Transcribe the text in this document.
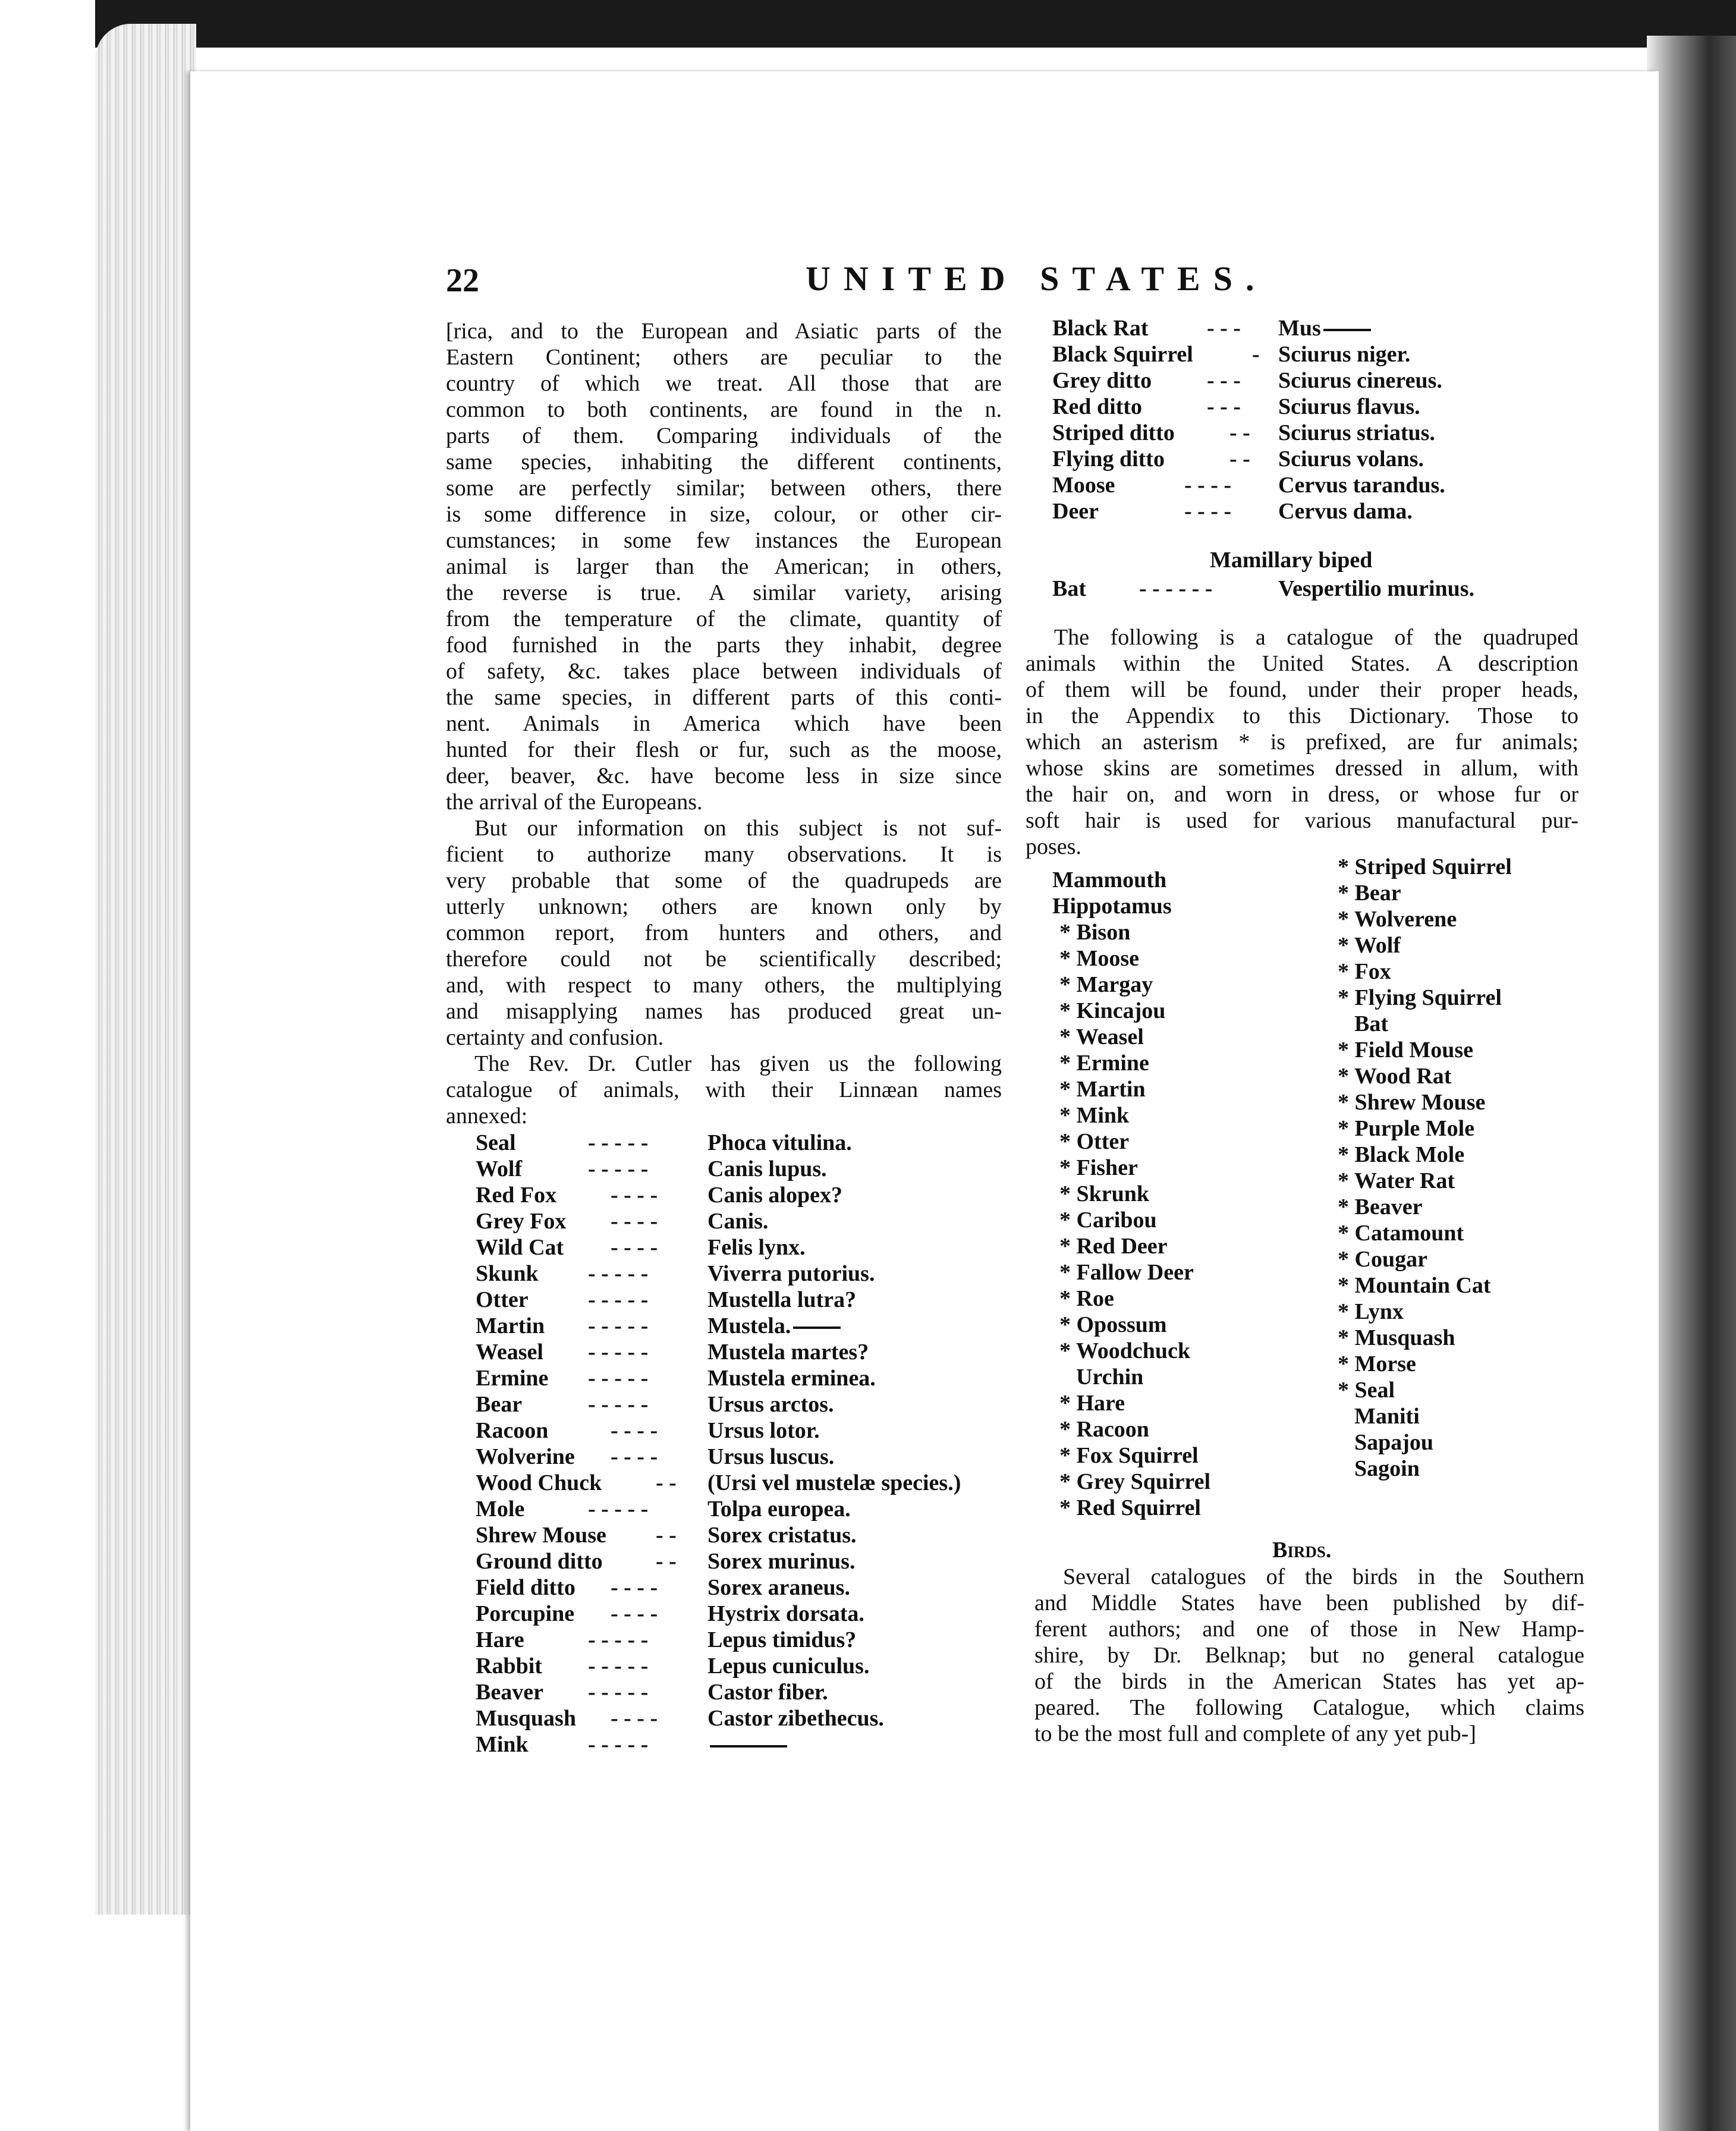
22	UNITED STATES.
[rica, and to the European and Asiatic parts of the
Eastern Continent; others are peculiar to the
country of which we treat. All those that are
common to both continents, are found in the n.
parts of them. Comparing individuals of the
same species, inhabiting the different continents,
some are perfectly similar; between others, there
is some difference in size, colour, or other cir-
cumstances; in some few instances the European
animal is larger than the American; in others,
the reverse is true. A similar variety, arising
from the temperature of the climate, quantity of
food furnished in the parts they inhabit, degree
of safety, &c. takes place between individuals of
the same species, in different parts of this conti-
nent. Animals in America which have been
hunted for their flesh or fur, such as the moose,
deer, beaver, &c. have become less in size since
the arrival of the Europeans.
But our information on this subject is not suf-
ficient to authorize many observations. It is
very probable that some of the quadrupeds are
utterly unknown; others are known only by
common report, from hunters and others, and
therefore could not be scientifically described;
and, with respect to many others, the multiplying
and misapplying names has produced great un-
certainty and confusion.
The Rev. Dr. Cutler has given us the following
catalogue of animals, with their Linnæan names
annexed:
Seal	- - - - -	Phoca vitulina.
Wolf	- - - - -	Canis lupus.
Red Fox - - - - Canis alopex?
Grey Fox - - - - Canis.
Wild Cat - - - - Felis lynx.
Skunk - - - - -	Viverra putorius.
Otter	- - - - -	Mustella lutra?
Martin - - - - -	Mustela.
Weasel - - - - -	Mustela martes?
Ermine - - - - -	Mustela erminea.
Bear	- - - - -	Ursus arctos.
Racoon	- - - - Ursus lotor.
Wolverine - - - - Ursus luscus.
Wood Chuck - - (Ursi vel mustelæ species.)
Mole	- - - - -	Tolpa europea.
Shrew Mouse - - Sorex cristatus.
Ground ditto - - Sorex murinus.
Field ditto - - - - Sorex araneus.
Porcupine - - - - Hystrix dorsata.
Hare	- - - - -	Lepus timidus?
Rabbit - - - - -	Lepus cuniculus.
Beaver - - - - -	Castor fiber.
Musquash - - - - Castor zibethecus.
Mink	- - - - -
Black Rat	- - - Mus
Black Squirrel	- Sciurus niger.
Grey ditto - - - Sciurus cinereus.
Red ditto	- - - Sciurus flavus.
Striped ditto - - Sciurus striatus.
Flying ditto	- - Sciurus volans.
Moose	- - - - Cervus tarandus.
Deer	- - - - Cervus dama.
Mamillary biped
Bat - - - - - -	Vespertilio murinus.
The following is a catalogue of the quadruped
animals within the United States. A description
of them will be found, under their proper heads,
in the Appendix to this Dictionary. Those to
which an asterism * is prefixed, are fur animals;
whose skins are sometimes dressed in allum, with
the hair on, and worn in dress, or whose fur or
soft hair is used for various manufactural pur-
poses.
Mammouth
Hippotamus
* Bison
* Moose
* Margay
* Kincajou
* Weasel
* Ermine
* Martin
* Mink
* Otter
* Fisher
* Skrunk
* Caribou
* Red Deer
* Fallow Deer
* Roe
* Opossum
* Woodchuck
Urchin
* Hare
* Racoon
* Fox Squirrel
* Grey Squirrel
* Red Squirrel
* Striped Squirrel
* Bear
* Wolverene
* Wolf
* Fox
* Flying Squirrel
Bat
* Field Mouse
* Wood Rat
* Shrew Mouse
* Purple Mole
* Black Mole
* Water Rat
* Beaver
* Catamount
* Cougar
* Mountain Cat
* Lynx
* Musquash
* Morse
* Seal
Maniti
Sapajou
Sagoin
Birds.
Several catalogues of the birds in the Southern
and Middle States have been published by dif-
ferent authors; and one of those in New Hamp-
shire, by Dr. Belknap; but no general catalogue
of the birds in the American States has yet ap-
peared. The following Catalogue, which claims
to be the most full and complete of any yet pub-]
